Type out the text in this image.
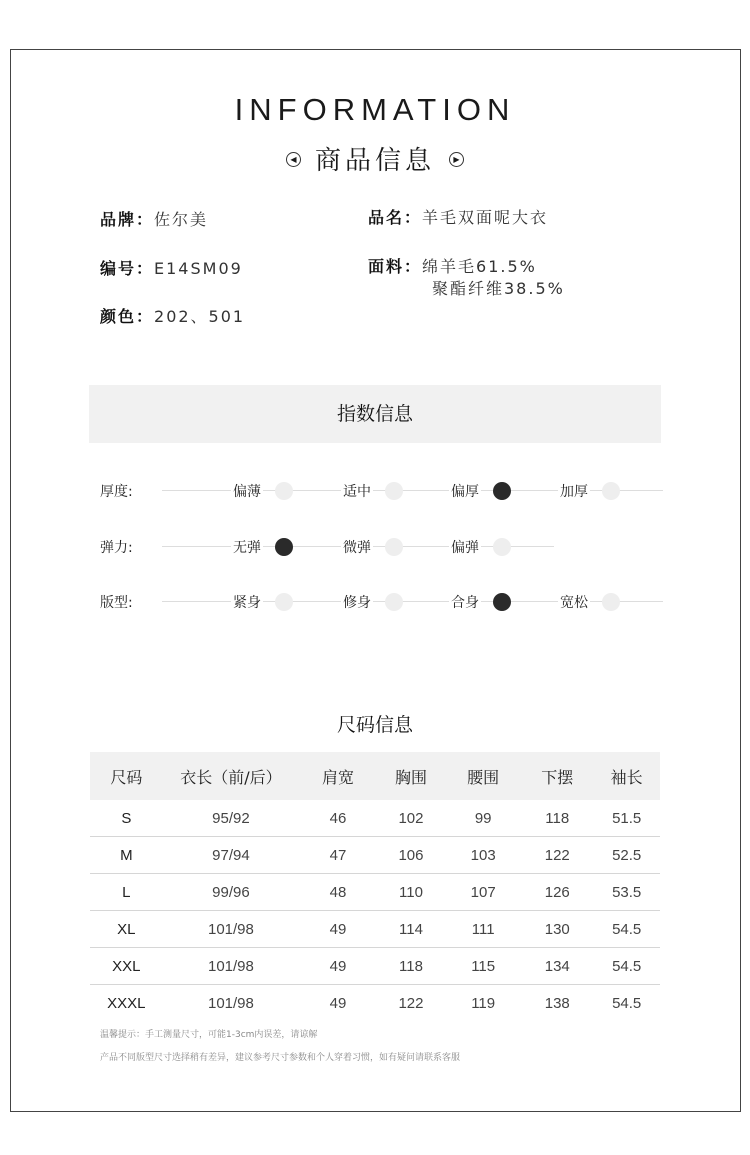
INFORMATION
◀ 商品信息 ▶
品牌：佐尔美	品名：羊毛双面呢大衣
编号：E14SM09	面料：绵羊毛61.5%
聚酯纤维38.5%
颜色：202、501
指数信息
厚度:	偏薄	适中	偏厚	加厚
弹力:	无弹	微弹	偏弹
版型:	紧身	修身	合身	宽松
尺码信息
尺码	衣长（前/后）	肩宽	胸围	腰围	下摆	袖长
S	95/92	46	102	99	118	51.5
M	97/94	47	106	103	122	52.5
L	99/96	48	110	107	126	53.5
XL	101/98	49	114	111	130	54.5
XXL	101/98	49	118	115	134	54.5
XXXL	101/98	49	122	119	138	54.5
温馨提示：手工测量尺寸，可能1-3cm内误差，请谅解
产品不同版型尺寸选择稍有差异，建议参考尺寸参数和个人穿着习惯，如有疑问请联系客服
